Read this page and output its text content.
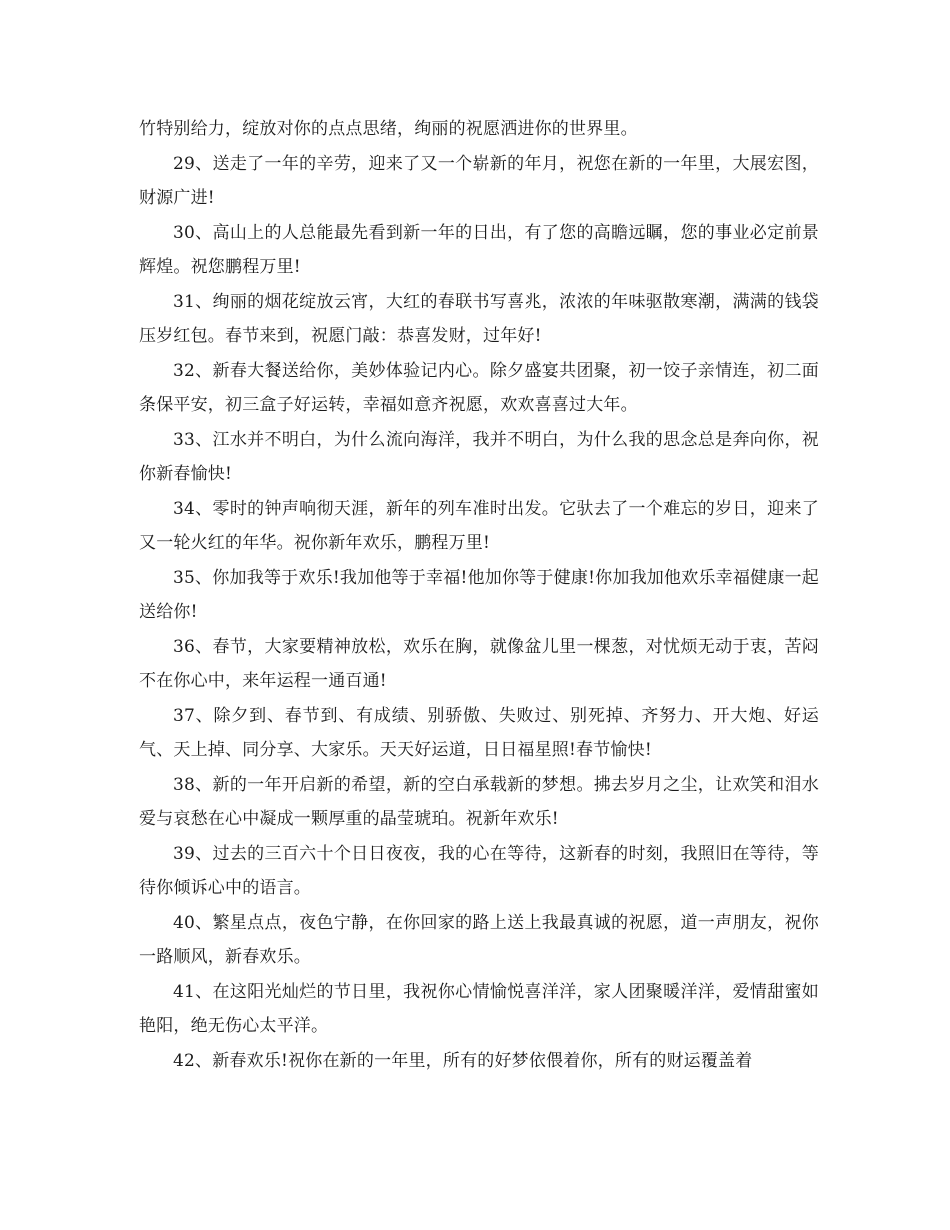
竹特别给力，绽放对你的点点思绪，绚丽的祝愿洒进你的世界里。

29、送走了一年的辛劳，迎来了又一个崭新的年月，祝您在新的一年里，大展宏图，财源广进!

30、高山上的人总能最先看到新一年的日出，有了您的高瞻远瞩，您的事业必定前景辉煌。祝您鹏程万里!

31、绚丽的烟花绽放云宵，大红的春联书写喜兆，浓浓的年味驱散寒潮，满满的钱袋压岁红包。春节来到，祝愿门敲：恭喜发财，过年好!

32、新春大餐送给你，美妙体验记内心。除夕盛宴共团聚，初一饺子亲情连，初二面条保平安，初三盒子好运转，幸福如意齐祝愿，欢欢喜喜过大年。

33、江水并不明白，为什么流向海洋，我并不明白，为什么我的思念总是奔向你，祝你新春愉快!

34、零时的钟声响彻天涯，新年的列车准时出发。它驮去了一个难忘的岁日，迎来了又一轮火红的年华。祝你新年欢乐，鹏程万里!

35、你加我等于欢乐!我加他等于幸福!他加你等于健康!你加我加他欢乐幸福健康一起送给你!

36、春节，大家要精神放松，欢乐在胸，就像盆儿里一棵葱，对忧烦无动于衷，苦闷不在你心中，来年运程一通百通!

37、除夕到、春节到、有成绩、别骄傲、失败过、别死掉、齐努力、开大炮、好运气、天上掉、同分享、大家乐。天天好运道，日日福星照!春节愉快!

38、新的一年开启新的希望，新的空白承载新的梦想。拂去岁月之尘，让欢笑和泪水爱与哀愁在心中凝成一颗厚重的晶莹琥珀。祝新年欢乐!

39、过去的三百六十个日日夜夜，我的心在等待，这新春的时刻，我照旧在等待，等待你倾诉心中的语言。

40、繁星点点，夜色宁静，在你回家的路上送上我最真诚的祝愿，道一声朋友，祝你一路顺风，新春欢乐。

41、在这阳光灿烂的节日里，我祝你心情愉悦喜洋洋，家人团聚暖洋洋，爱情甜蜜如艳阳，绝无伤心太平洋。

42、新春欢乐!祝你在新的一年里，所有的好梦依偎着你，所有的财运覆盖着
